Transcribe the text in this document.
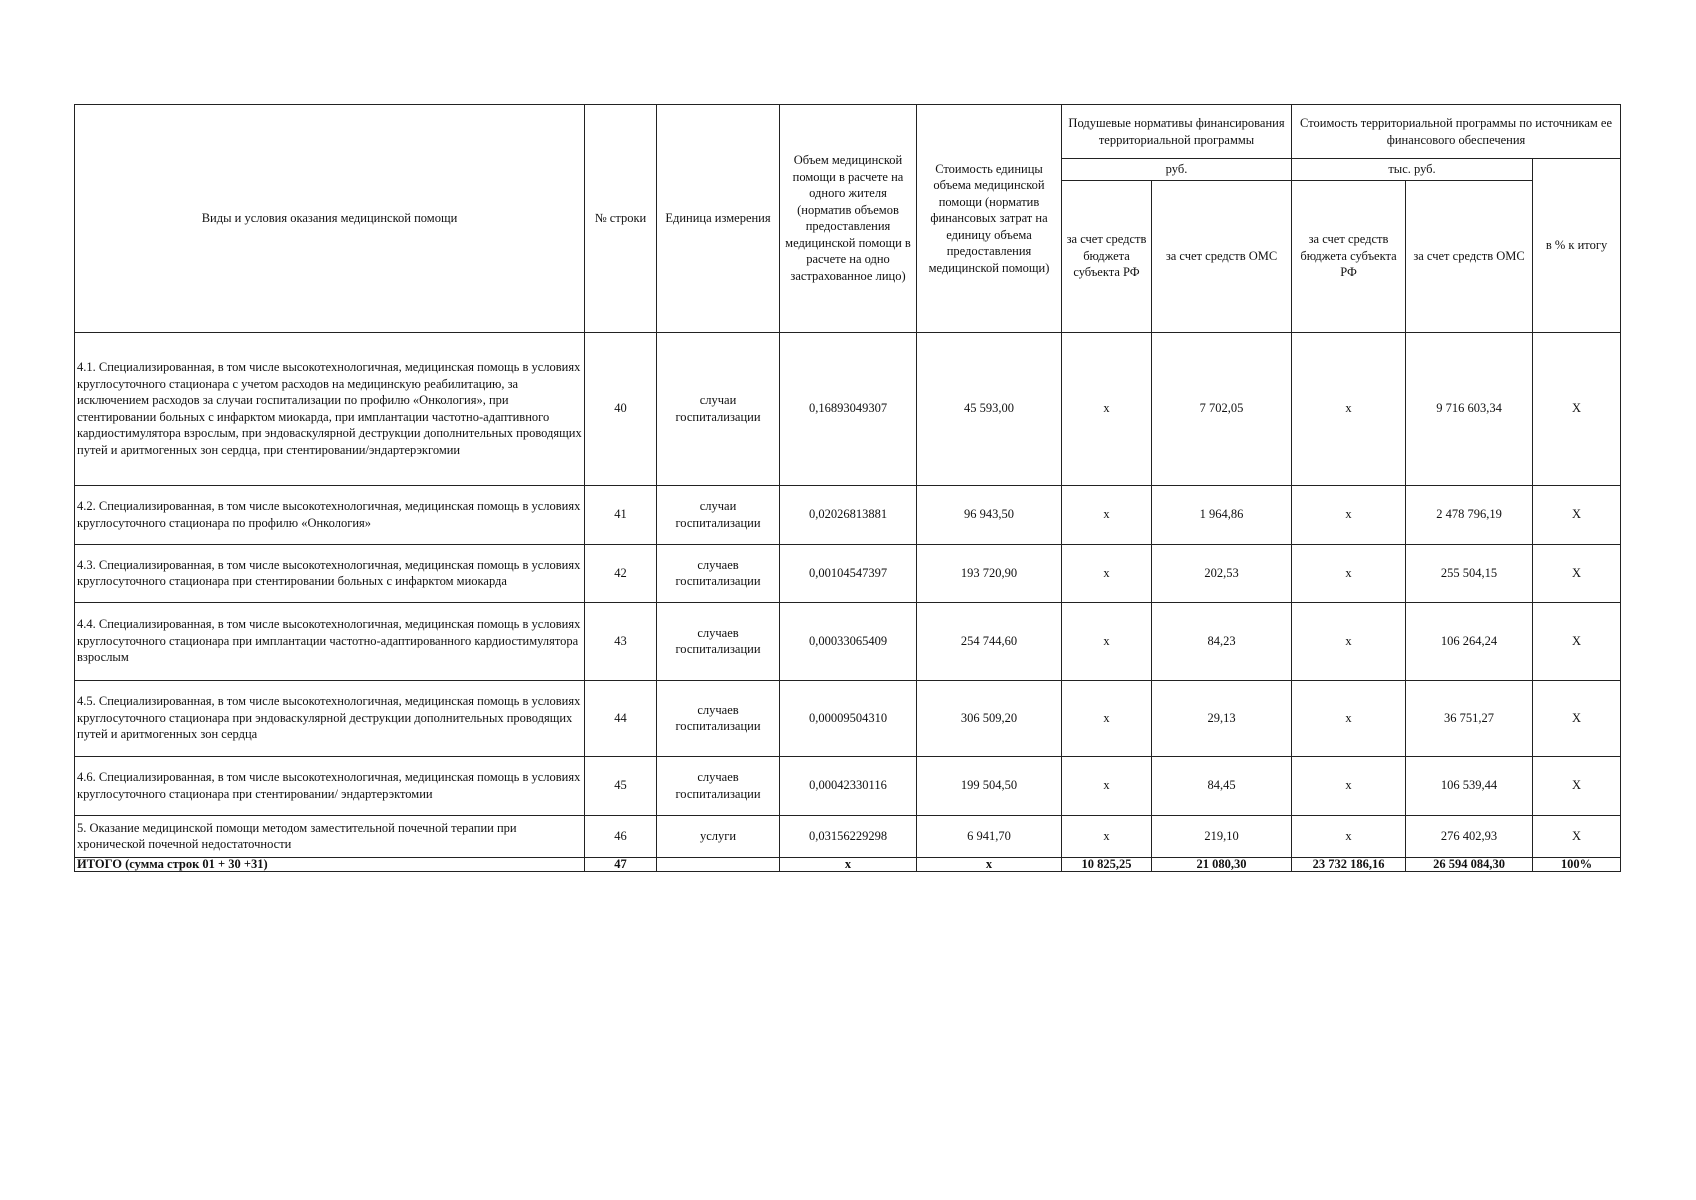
Виды и условия оказания медицинской помощи	№ строки	Единица измерения	Объем медицинской помощи в расчете на одного жителя (норматив объемов предоставления медицинской помощи в расчете на одно застрахованное лицо)	Стоимость единицы объема медицинской помощи (норматив финансовых затрат на единицу объема предоставления медицинской помощи)	Подушевые нормативы финансирования территориальной программы		Стоимость территориальной программы по источникам ее финансового обеспечения		
					руб.		тыс. руб.		в % к итогу
					за счет средств бюджета субъекта РФ	за счет средств ОМС	за счет средств бюджета субъекта РФ	за счет средств ОМС	
4.1. Специализированная, в том числе высокотехнологичная, медицинская помощь в условиях круглосуточного стационара с учетом расходов на медицинскую реабилитацию, за исключением расходов за случаи госпитализации по профилю «Онкология», при стентировании больных с инфарктом миокарда, при имплантации частотно-адаптивного кардиостимулятора взрослым, при эндоваскулярной деструкции дополнительных проводящих путей и аритмогенных зон сердца, при стентировании/эндартерэкгомии	40	случаи госпитализации	0,16893049307	45 593,00	x	7 702,05	x	9 716 603,34	X
4.2. Специализированная, в том числе высокотехнологичная, медицинская помощь в условиях круглосуточного стационара по профилю «Онкология»	41	случаи госпитализации	0,02026813881	96 943,50	x	1 964,86	x	2 478 796,19	X
4.3. Специализированная, в том числе высокотехнологичная, медицинская помощь в условиях круглосуточного стационара при стентировании больных с инфарктом миокарда	42	случаев госпитализации	0,00104547397	193 720,90	x	202,53	x	255 504,15	X
4.4. Специализированная, в том числе высокотехнологичная, медицинская помощь в условиях круглосуточного стационара при имплантации частотно-адаптированного кардиостимулятора взрослым	43	случаев госпитализации	0,00033065409	254 744,60	x	84,23	x	106 264,24	X
4.5. Специализированная, в том числе высокотехнологичная, медицинская помощь в условиях круглосуточного стационара при эндоваскулярной деструкции дополнительных проводящих путей и аритмогенных зон сердца	44	случаев госпитализации	0,00009504310	306 509,20	x	29,13	x	36 751,27	X
4.6. Специализированная, в том числе высокотехнологичная, медицинская помощь в условиях круглосуточного стационара при стентировании/ эндартерэктомии	45	случаев госпитализации	0,00042330116	199 504,50	x	84,45	x	106 539,44	X
5. Оказание медицинской помощи методом заместительной почечной терапии при хронической почечной недостаточности	46	услуги	0,03156229298	6 941,70	x	219,10	x	276 402,93	X
ИТОГО (сумма строк 01 + 30 +31)	47		x	x	10 825,25	21 080,30	23 732 186,16	26 594 084,30	100%
